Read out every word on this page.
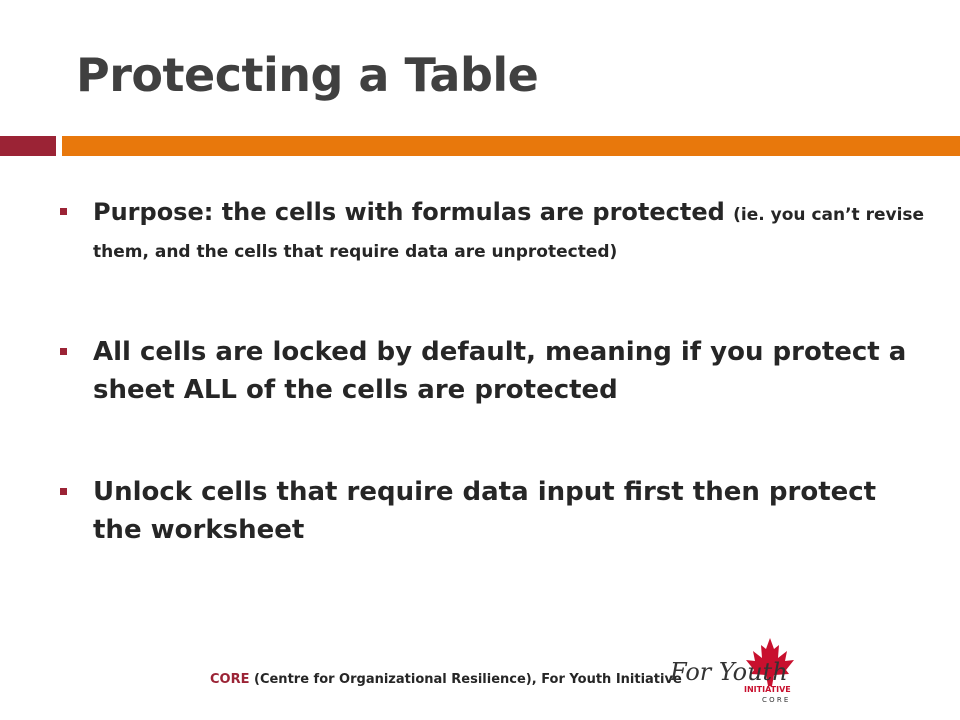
Protecting a Table
Purpose: the cells with formulas are protected (ie. you can’t revise them, and the cells that require data are unprotected)
All cells are locked by default, meaning if you protect a sheet ALL of the cells are protected
Unlock cells that require data input first then protect the worksheet
CORE (Centre for Organizational Resilience), For Youth Initiative
For Youth
INITIATIVE
C O R E
